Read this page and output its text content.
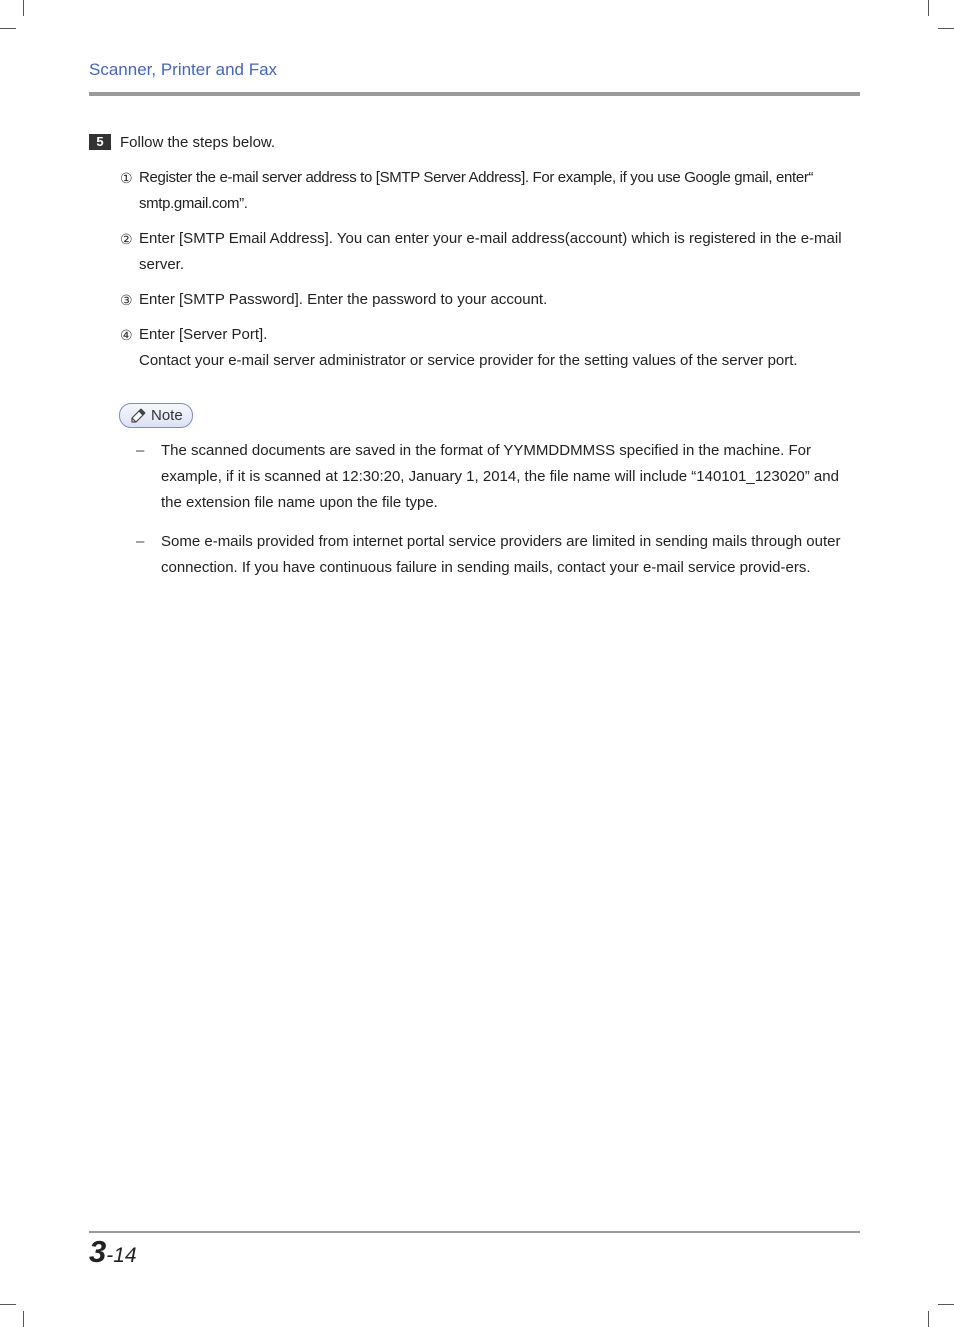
Scanner, Printer and Fax
5	Follow the steps below.
① Register the e-mail server address to [SMTP Server Address]. For example, if you use Google gmail, enter“ smtp.gmail.com”.
② Enter [SMTP Email Address]. You can enter your e-mail address(account) which is registered in the e-mail server.
③ Enter [SMTP Password]. Enter the password to your account.
④ Enter [Server Port].
Contact your e-mail server administrator or service provider for the setting values of the server port.
Note
– The scanned documents are saved in the format of YYMMDDMMSS specified in the machine. For example, if it is scanned at 12:30:20, January 1, 2014, the file name will include “140101_123020” and the extension file name upon the file type.
– Some e-mails provided from internet portal service providers are limited in sending mails through outer connection. If you have continuous failure in sending mails, contact your e-mail service provid-ers.
3-14
